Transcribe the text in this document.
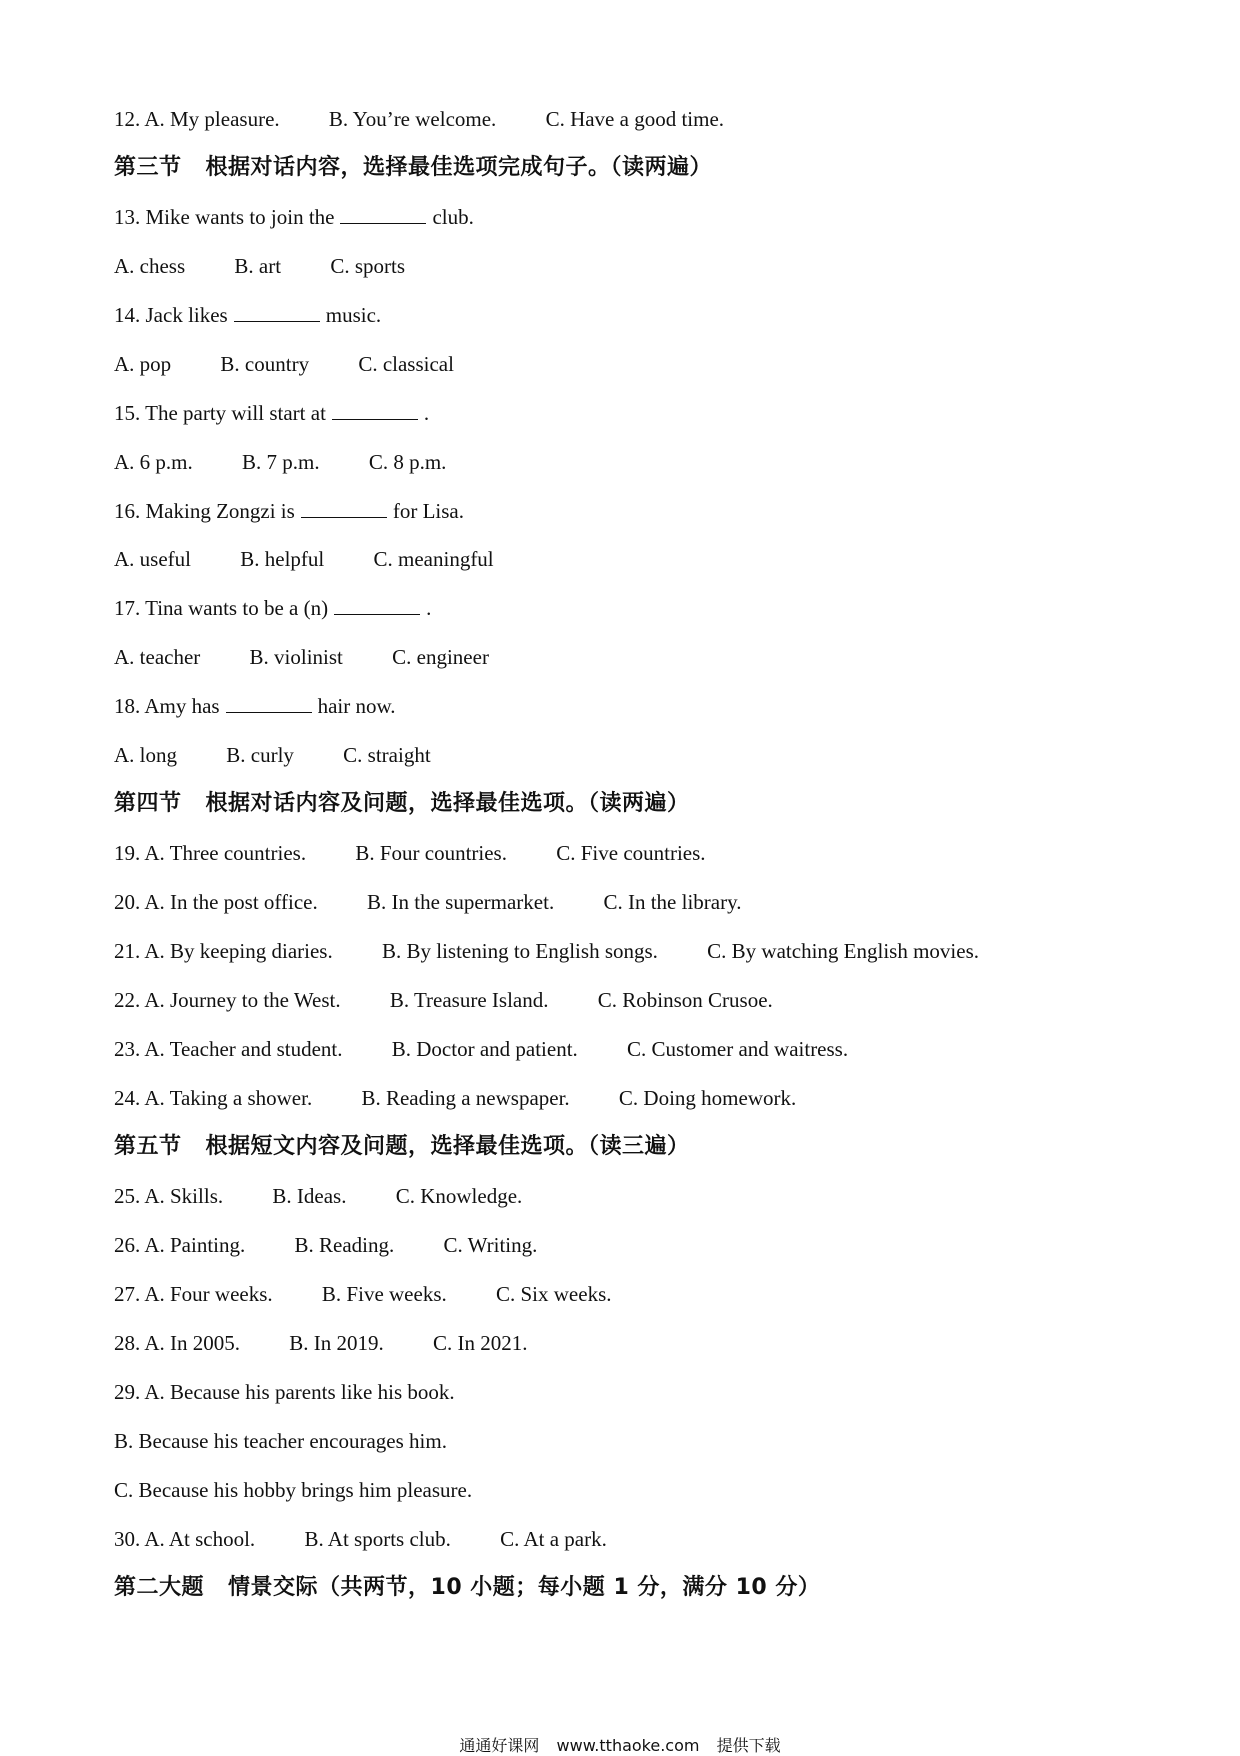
12. A. My pleasure. B. You’re welcome. C. Have a good time.
第三节 根据对话内容，选择最佳选项完成句子。（读两遍）
13. Mike wants to join the	club.
A. chess B. art C. sports
14. Jack likes	music.
A. pop B. country C. classical
15. The party will start at	.
A. 6 p.m. B. 7 p.m. C. 8 p.m.
16. Making Zongzi is	for Lisa.
A. useful B. helpful C. meaningful
17. Tina wants to be a (n)	.
A. teacher B. violinist C. engineer
18. Amy has	hair now.
A. long B. curly C. straight
第四节 根据对话内容及问题，选择最佳选项。（读两遍）
19. A. Three countries. B. Four countries. C. Five countries.
20. A. In the post office. B. In the supermarket. C. In the library.
21. A. By keeping diaries. B. By listening to English songs. C. By watching English movies.
22. A. Journey to the West. B. Treasure Island. C. Robinson Crusoe.
23. A. Teacher and student. B. Doctor and patient. C. Customer and waitress.
24. A. Taking a shower. B. Reading a newspaper. C. Doing homework.
第五节 根据短文内容及问题，选择最佳选项。（读三遍）
25. A. Skills. B. Ideas. C. Knowledge.
26. A. Painting. B. Reading. C. Writing.
27. A. Four weeks. B. Five weeks. C. Six weeks.
28. A. In 2005. B. In 2019. C. In 2021.
29. A. Because his parents like his book.
B. Because his teacher encourages him.
C. Because his hobby brings him pleasure.
30. A. At school. B. At sports club. C. At a park.
第二大题 情景交际（共两节，10 小题；每小题 1 分，满分 10 分）
通通好课网 www.tthaoke.com 提供下载
